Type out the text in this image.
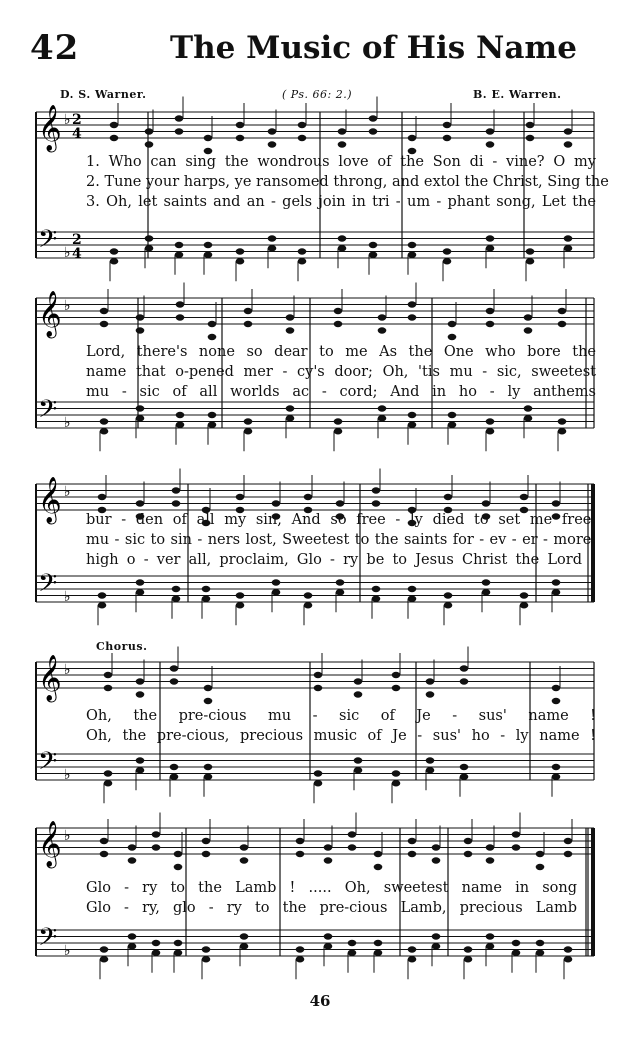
42	The Music of His Name
D. S. Warner.	( Ps. 66: 2.)	B. E. Warren.
𝄞
𝄢
♭
♭
2
4
2
4
1. Who can sing the wondrous love of the Son di - vine? O my
2. Tune your harps, ye ransomed throng, and extol the Christ, Sing the
3. Oh, let saints and an - gels join in tri - um - phant song, Let the
𝄞
𝄢
♭
♭
Lord, there's none so dear to me As the One who bore the
name that o-pened mer - cy's door; Oh, 'tis mu - sic, sweetest
mu - sic of all worlds ac - cord; And in ho - ly anthems
𝄞
𝄢
♭
♭
bur - den of all my sin, And so free - ly died to set me free.
mu - sic to sin - ners lost, Sweetest to the saints for - ev - er - more.
high o - ver all, proclaim, Glo - ry be to Jesus Christ the Lord !
Chorus.
𝄞
𝄢
♭
♭
Oh, the pre-cious mu - sic of Je - sus' name !
Oh, the pre-cious, precious music of Je - sus' ho - ly name !
𝄞
𝄢
♭
♭
Glo - ry to the Lamb ! ..... Oh, sweetest name in song !
Glo - ry, glo - ry to the pre-cious Lamb, precious Lamb !
46
